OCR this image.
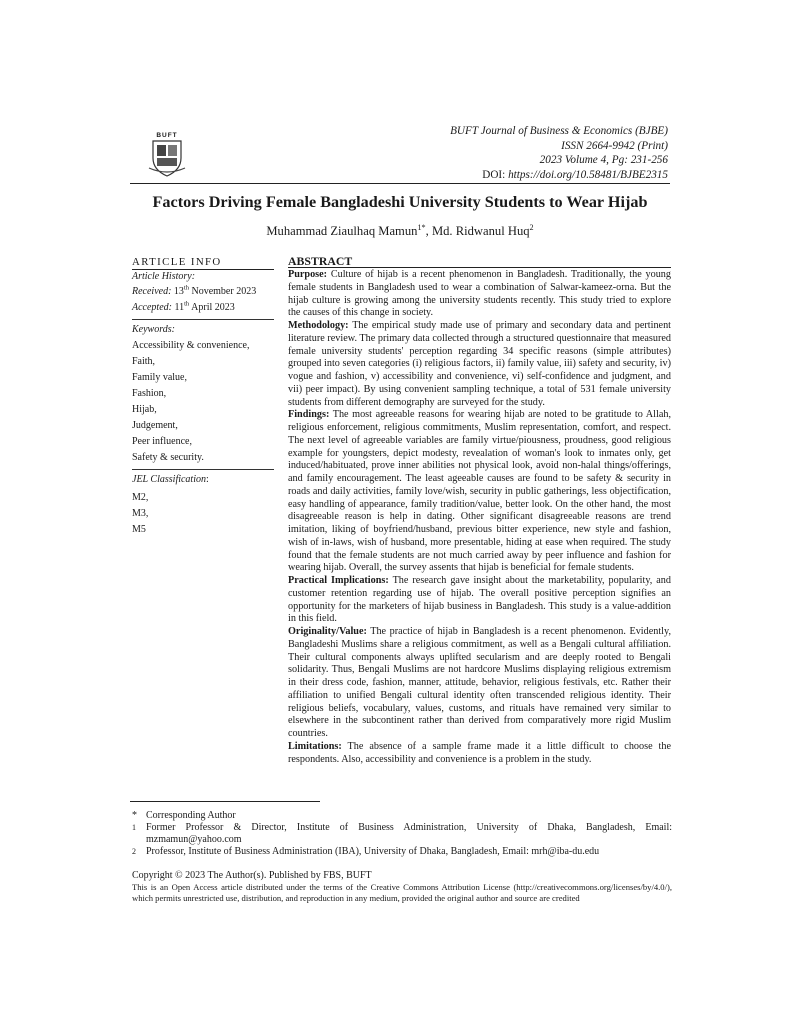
BUFT	BUFT Journal of Business & Economics (BJBE)
ISSN 2664-9942 (Print)
2023 Volume 4, Pg: 231-256
DOI: https://doi.org/10.58481/BJBE2315
Factors Driving Female Bangladeshi University Students to Wear Hijab
Muhammad Ziaulhaq Mamun$^{1*}$, Md. Ridwanul Huq$^2$
ARTICLE INFO
Article History:
Received: 13th November 2023
Accepted: 11th April 2023
Keywords:
Accessibility & convenience,
Faith,
Family value,
Fashion,
Hijab,
Judgement,
Peer influence,
Safety & security.
JEL Classification:
M2,
M3,
M5
ABSTRACT

Purpose: Culture of hijab is a recent phenomenon in Bangladesh. Traditionally, the young female students in Bangladesh used to wear a combination of Salwar-kameez-orna. But the hijab culture is growing among the university students recently. This study tried to explore the causes of this change in society.

Methodology: The empirical study made use of primary and secondary data and pertinent literature review. The primary data collected through a structured questionnaire that measured female university students' perception regarding 34 specific reasons (simple attributes) grouped into seven categories (i) religious factors, ii) family value, iii) safety and security, iv) vogue and fashion, v) accessibility and convenience, vi) self-confidence and judgment, and vii) peer impact). By using convenient sampling technique, a total of 531 female university students from different demography are surveyed for the study.

Findings: The most agreeable reasons for wearing hijab are noted to be gratitude to Allah, religious enforcement, religious commitments, Muslim representation, comfort, and respect. The next level of agreeable variables are family virtue/piousness, proudness, good religious example for youngsters, depict modesty, revealation of woman's look to inmates only, get induced/habituated, prove inner abilities not physical look, avoid non-halal things/offerings, and family encouragement. The least ageeable causes are found to be safety & security in roads and daily activities, family love/wish, security in public gatherings, less objectification, easy handling of appearance, family tradition/value, better look. On the other hand, the most disagreeable reason is help in dating. Other significant disagreeable reasons are trend imitation, liking of boyfriend/husband, previous bitter experience, new style and fashion, wish of in-laws, wish of husband, more presentable, hiding at ease when required. The study found that the female students are not much carried away by peer influence and fashion for wearing hijab. Overall, the survey assents that hijab is beneficial for female students.

Practical Implications: The research gave insight about the marketability, popularity, and customer retention regarding use of hijab. The overall positive perception signifies an opportunity for the marketers of hijab business in Bangladesh. This study is a value-addition in this field.

Originality/Value: The practice of hijab in Bangladesh is a recent phenomenon. Evidently, Bangladeshi Muslims share a religious commitment, as well as a Bengali cultural affiliation. Their cultural components always uplifted secularism and are deeply rooted to Bengali solidarity. Thus, Bengali Muslims are not hardcore Muslims displaying religious extremism in their dress code, fashion, manner, attitude, behavior, religious festivals, etc. Rather their affiliation to unified Bengali cultural identity often transcended religious identity. Their religious beliefs, vocabulary, values, customs, and rituals have remained very similar to elsewhere in the subcontinent rather than derived from comparatively more rigid Muslim countries.

Limitations: The absence of a sample frame made it a little difficult to choose the respondents. Also, accessibility and convenience is a problem in the study.

* Corresponding Author
1	Former Professor & Director, Institute of Business Administration, University of Dhaka, Bangladesh, Email: mzmamun@yahoo.com
2 Professor, Institute of Business Administration (IBA), University of Dhaka, Bangladesh, Email: mrh@iba-du.edu
Copyright © 2023 The Author(s). Published by FBS, BUFT
This is an Open Access article distributed under the terms of the Creative Commons Attribution License (http://creativecommons.org/licenses/by/4.0/), which permits unrestricted use, distribution, and reproduction in any medium, provided the original author and source are credited
